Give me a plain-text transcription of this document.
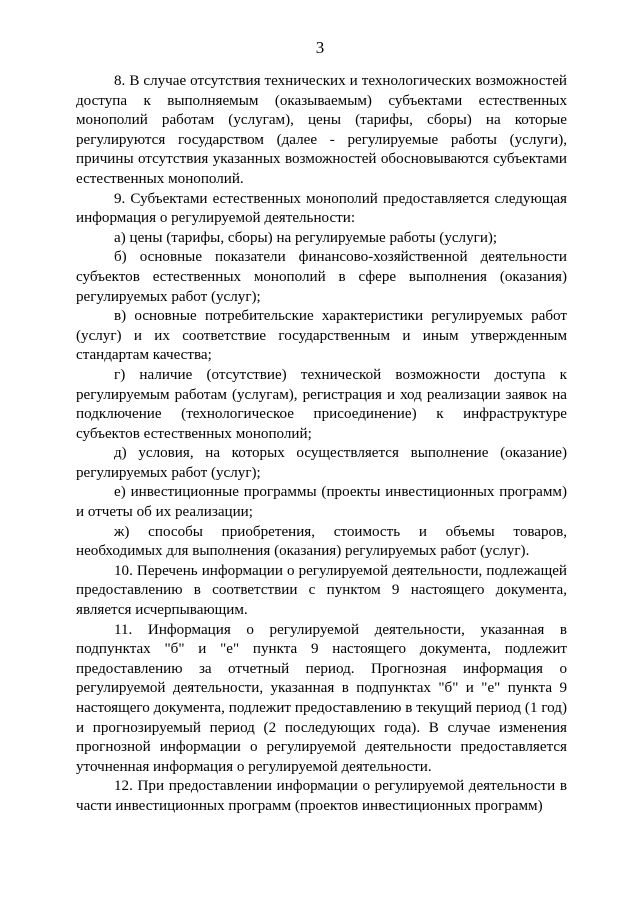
3

8. В случае отсутствия технических и технологических возможностей доступа к выполняемым (оказываемым) субъектами естественных монополий работам (услугам), цены (тарифы, сборы) на которые регулируются государством (далее - регулируемые работы (услуги), причины отсутствия указанных возможностей обосновываются субъектами естественных монополий.

9. Субъектами естественных монополий предоставляется следующая информация о регулируемой деятельности:

а) цены (тарифы, сборы) на регулируемые работы (услуги);

б) основные показатели финансово-хозяйственной деятельности субъектов естественных монополий в сфере выполнения (оказания) регулируемых работ (услуг);

в) основные потребительские характеристики регулируемых работ (услуг) и их соответствие государственным и иным утвержденным стандартам качества;

г) наличие (отсутствие) технической возможности доступа к регулируемым работам (услугам), регистрация и ход реализации заявок на подключение (технологическое присоединение) к инфраструктуре субъектов естественных монополий;

д) условия, на которых осуществляется выполнение (оказание) регулируемых работ (услуг);

е) инвестиционные программы (проекты инвестиционных программ) и отчеты об их реализации;

ж) способы приобретения, стоимость и объемы товаров, необходимых для выполнения (оказания) регулируемых работ (услуг).

10. Перечень информации о регулируемой деятельности, подлежащей предоставлению в соответствии с пунктом 9 настоящего документа, является исчерпывающим.

11. Информация о регулируемой деятельности, указанная в подпунктах "б" и "е" пункта 9 настоящего документа, подлежит предоставлению за отчетный период. Прогнозная информация о регулируемой деятельности, указанная в подпунктах "б" и "е" пункта 9 настоящего документа, подлежит предоставлению в текущий период (1 год) и прогнозируемый период (2 последующих года). В случае изменения прогнозной информации о регулируемой деятельности предоставляется уточненная информация о регулируемой деятельности.

12. При предоставлении информации о регулируемой деятельности в части инвестиционных программ (проектов инвестиционных программ)
